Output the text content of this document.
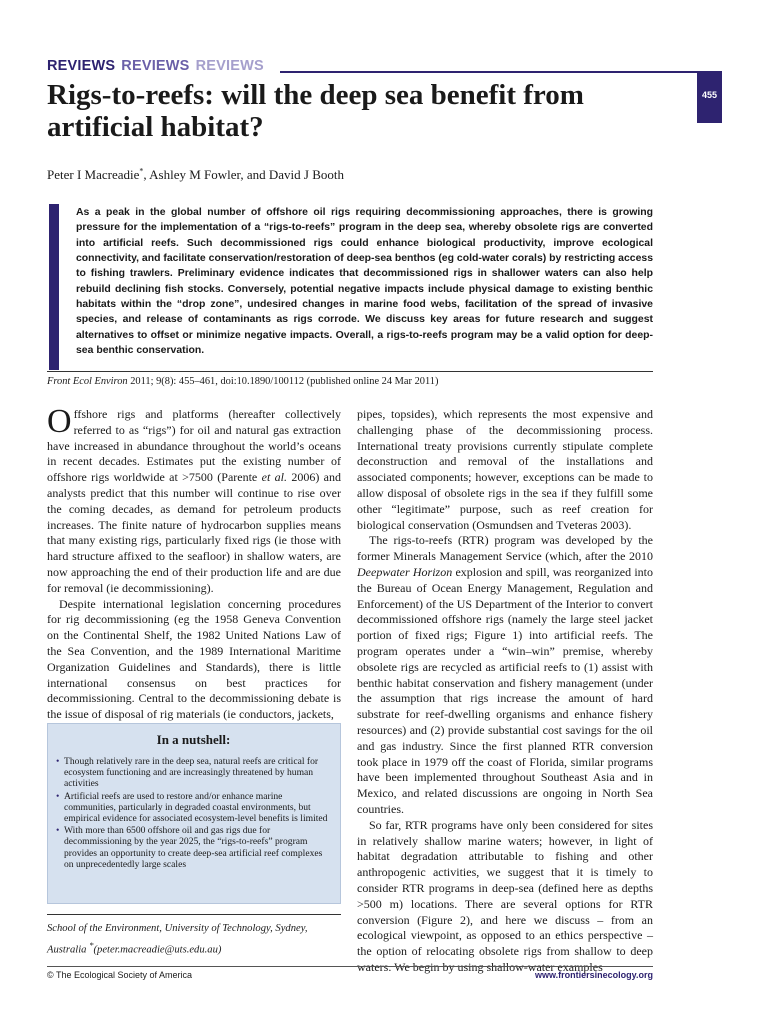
REVIEWS REVIEWS REVIEWS
455
Rigs-to-reefs: will the deep sea benefit from artificial habitat?
Peter I Macreadie*, Ashley M Fowler, and David J Booth
As a peak in the global number of offshore oil rigs requiring decommissioning approaches, there is growing pressure for the implementation of a “rigs-to-reefs” program in the deep sea, whereby obsolete rigs are converted into artificial reefs. Such decommissioned rigs could enhance biological productivity, improve ecological connectivity, and facilitate conservation/restoration of deep-sea benthos (eg cold-water corals) by restricting access to fishing trawlers. Preliminary evidence indicates that decommissioned rigs in shallower waters can also help rebuild declining fish stocks. Conversely, potential negative impacts include physical damage to existing benthic habitats within the “drop zone”, undesired changes in marine food webs, facilitation of the spread of invasive species, and release of contaminants as rigs corrode. We discuss key areas for future research and suggest alternatives to offset or minimize negative impacts. Overall, a rigs-to-reefs program may be a valid option for deep-sea benthic conservation.
Front Ecol Environ 2011; 9(8): 455–461, doi:10.1890/100112 (published online 24 Mar 2011)

Offshore rigs and platforms (hereafter collectively referred to as “rigs”) for oil and natural gas extraction have increased in abundance throughout the world’s oceans in recent decades. Estimates put the existing number of offshore rigs worldwide at >7500 (Parente et al. 2006) and analysts predict that this number will continue to rise over the coming decades, as demand for petroleum products increases. The finite nature of hydrocarbon supplies means that many existing rigs, particularly fixed rigs (ie those with hard structure affixed to the seafloor) in shallow waters, are now approaching the end of their production life and are due for removal (ie decommissioning).

Despite international legislation concerning procedures for rig decommissioning (eg the 1958 Geneva Convention on the Continental Shelf, the 1982 United Nations Law of the Sea Convention, and the 1989 International Maritime Organization Guidelines and Standards), there is little international consensus on best practices for decommissioning. Central to the decommissioning debate is the issue of disposal of rig materials (ie conductors, jackets,

pipes, topsides), which represents the most expensive and challenging phase of the decommissioning process. International treaty provisions currently stipulate complete deconstruction and removal of the installations and associated components; however, exceptions can be made to allow disposal of obsolete rigs in the sea if they fulfill some other “legitimate” purpose, such as reef creation for biological conservation (Osmundsen and Tveteras 2003).

The rigs-to-reefs (RTR) program was developed by the former Minerals Management Service (which, after the 2010 Deepwater Horizon explosion and spill, was reorganized into the Bureau of Ocean Energy Management, Regulation and Enforcement) of the US Department of the Interior to convert decommissioned offshore rigs (namely the large steel jacket portion of fixed rigs; Figure 1) into artificial reefs. The program operates under a “win–win” premise, whereby obsolete rigs are recycled as artificial reefs to (1) assist with benthic habitat conservation and fishery management (under the assumption that rigs increase the amount of hard substrate for reef-dwelling organisms and enhance fishery resources) and (2) provide substantial cost savings for the oil and gas industry. Since the first planned RTR conversion took place in 1979 off the coast of Florida, similar programs have been implemented throughout Southeast Asia and in Mexico, and related discussions are ongoing in North Sea countries.

So far, RTR programs have only been considered for sites in relatively shallow marine waters; however, in light of habitat degradation attributable to fishing and other anthropogenic activities, we suggest that it is timely to consider RTR programs in deep-sea (defined here as depths >500 m) locations. There are several options for RTR conversion (Figure 2), and here we discuss – from an ecological viewpoint, as opposed to an ethics perspective – the option of relocating obsolete rigs from shallow to deep

In a nutshell:
• Though relatively rare in the deep sea, natural reefs are critical for ecosystem functioning and are increasingly threatened by human activities
• Artificial reefs are used to restore and/or enhance marine communities, particularly in degraded coastal environments, but empirical evidence for associated ecosystem-level benefits is limited
• With more than 6500 offshore oil and gas rigs due for decommissioning by the year 2025, the “rigs-to-reefs” program provides an opportunity to create deep-sea artificial reef complexes on unprecedentedly large scales
School of the Environment, University of Technology, Sydney, Australia *(peter.macreadie@uts.edu.au)
© The Ecological Society of America	www.frontiersinecology.org
